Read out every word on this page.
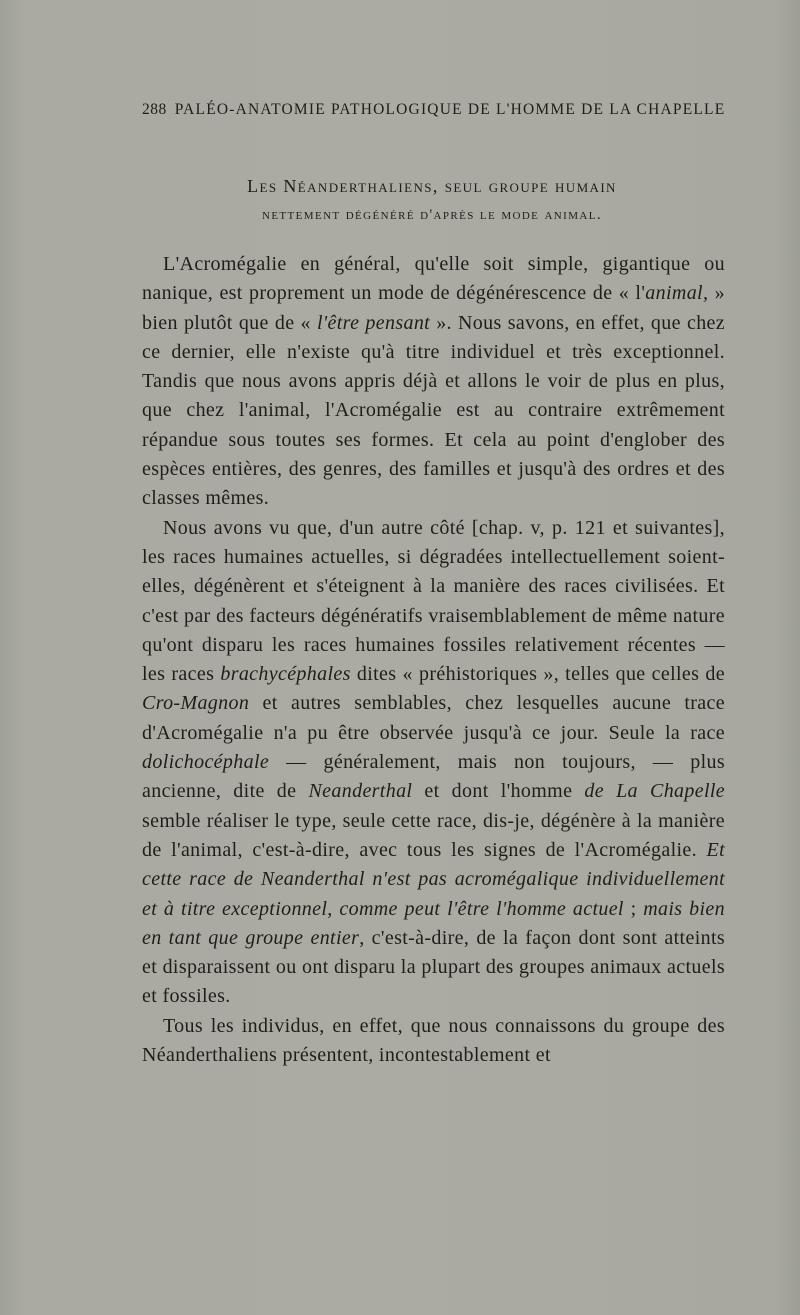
288 PALÉO-ANATOMIE PATHOLOGIQUE DE L'HOMME DE LA CHAPELLE
Les Néanderthaliens, seul groupe humain
nettement dégénéré d'après le mode animal.

L'Acromégalie en général, qu'elle soit simple, gigantique ou nanique, est proprement un mode de dégénérescence de « l'animal, » bien plutôt que de « l'être pensant ». Nous savons, en effet, que chez ce dernier, elle n'existe qu'à titre individuel et très exceptionnel. Tandis que nous avons appris déjà et allons le voir de plus en plus, que chez l'animal, l'Acromégalie est au contraire extrêmement répandue sous toutes ses formes. Et cela au point d'englober des espèces entières, des genres, des familles et jusqu'à des ordres et des classes mêmes.

Nous avons vu que, d'un autre côté [chap. v, p. 121 et suivantes], les races humaines actuelles, si dégradées intellectuellement soient-elles, dégénèrent et s'éteignent à la manière des races civilisées. Et c'est par des facteurs dégénératifs vraisemblablement de même nature qu'ont disparu les races humaines fossiles relativement récentes — les races brachycéphales dites « préhistoriques », telles que celles de Cro-Magnon et autres semblables, chez lesquelles aucune trace d'Acromégalie n'a pu être observée jusqu'à ce jour. Seule la race dolichocéphale — généralement, mais non toujours, — plus ancienne, dite de Neanderthal et dont l'homme de La Chapelle semble réaliser le type, seule cette race, dis-je, dégénère à la manière de l'animal, c'est-à-dire, avec tous les signes de l'Acromégalie. Et cette race de Neanderthal n'est pas acromégalique individuellement et à titre exceptionnel, comme peut l'être l'homme actuel ; mais bien en tant que groupe entier, c'est-à-dire, de la façon dont sont atteints et disparaissent ou ont disparu la plupart des groupes animaux actuels et fossiles.

Tous les individus, en effet, que nous connaissons du groupe des Néanderthaliens présentent, incontestablement et
